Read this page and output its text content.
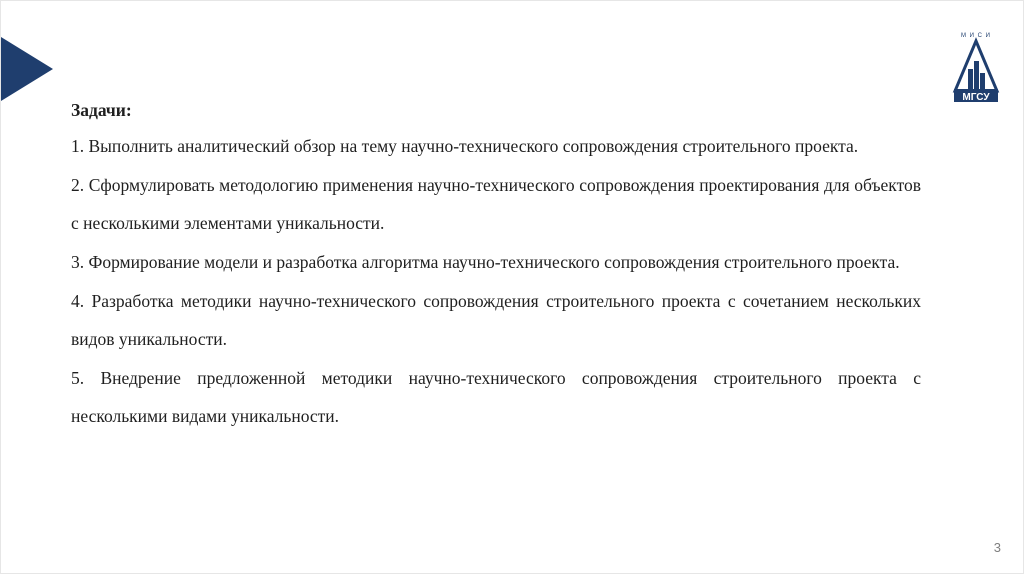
М И С И
МГСУ

Задачи:

1. Выполнить аналитический обзор на тему научно-технического сопровождения строительного проекта.
2. Сформулировать методологию применения научно-технического сопровождения проектирования для объектов с несколькими элементами уникальности.
3. Формирование модели и разработка алгоритма научно-технического сопровождения строительного проекта.
4. Разработка методики научно-технического сопровождения строительного проекта с сочетанием нескольких видов уникальности.
5. Внедрение предложенной методики научно-технического сопровождения строительного проекта с несколькими видами уникальности.
3
